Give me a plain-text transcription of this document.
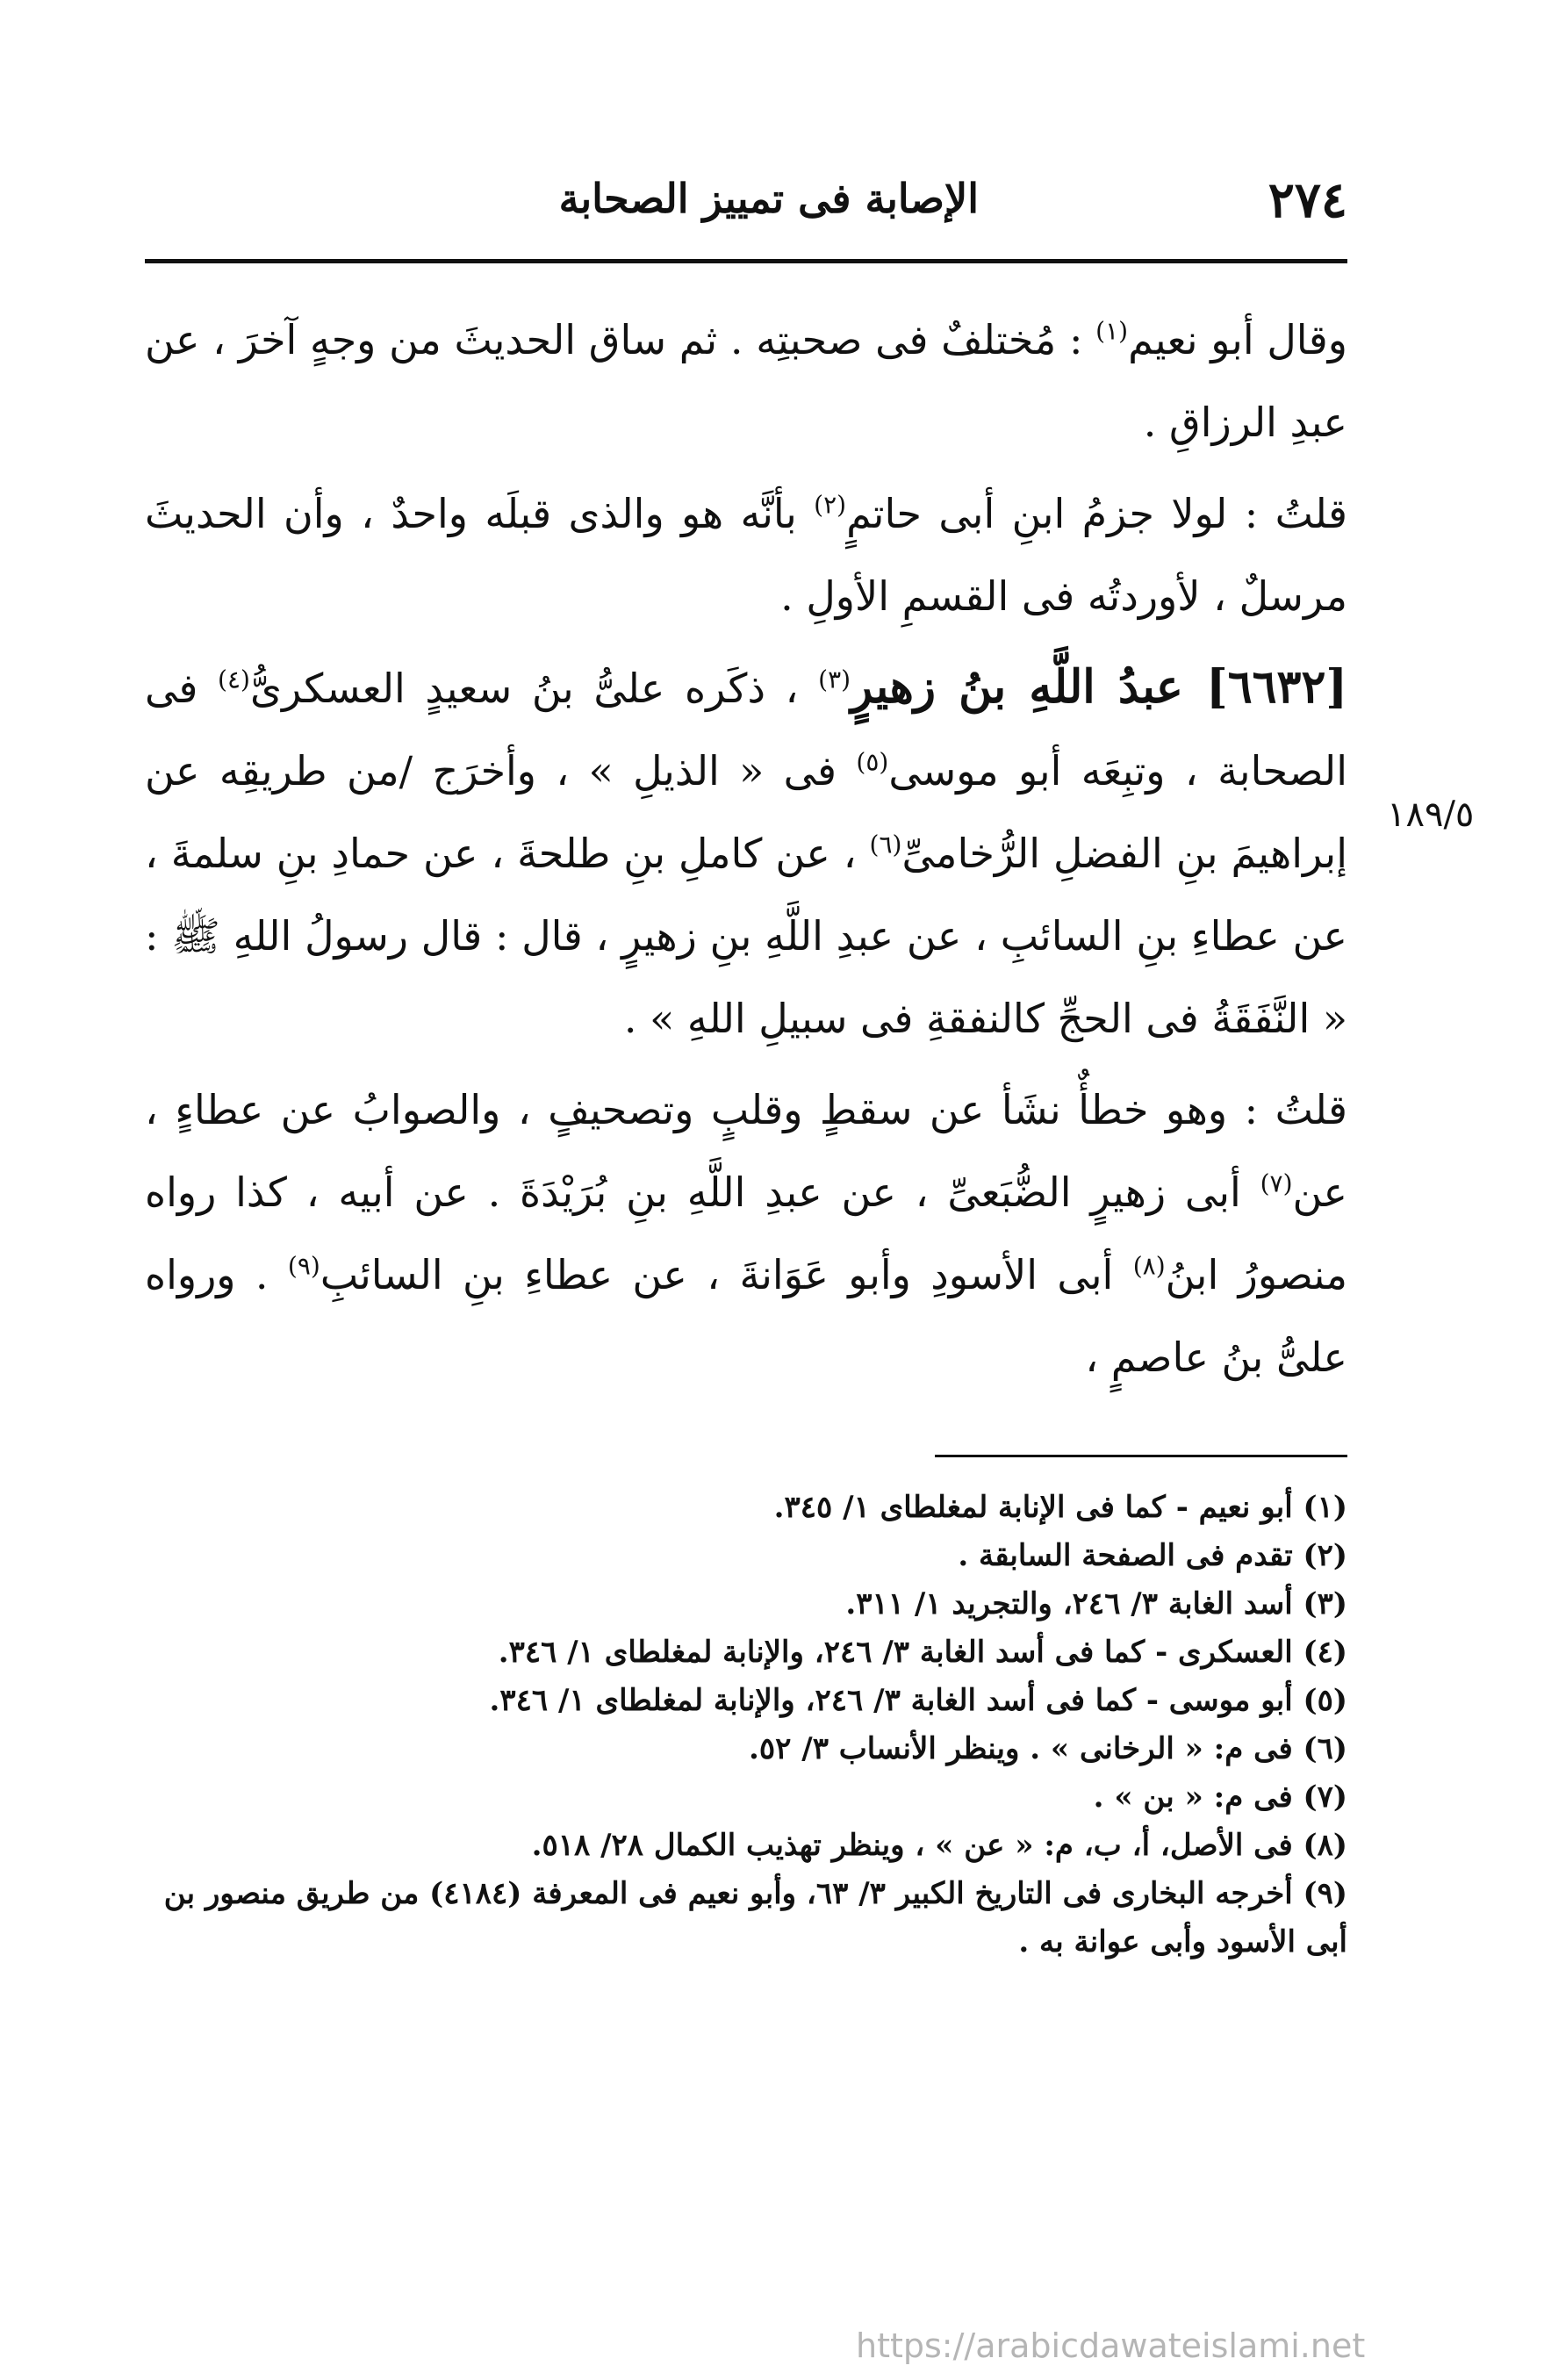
٢٧٤
الإصابة فى تمييز الصحابة
١٨٩/٥

وقال أبو نعيم$^{(١)}$ : مُختلفٌ فى صحبتِه . ثم ساق الحديثَ من وجهٍ آخرَ ، عن عبدِ الرزاقِ .

قلتُ : لولا جزمُ ابنِ أبى حاتمٍ$^{(٢)}$ بأنَّه هو والذى قبلَه واحدٌ ، وأن الحديثَ مرسلٌ ، لأوردتُه فى القسمِ الأولِ .

[٦٦٣٢] عبدُ اللَّهِ بنُ زهيرٍ$^{(٣)}$ ، ذكَره علىُّ بنُ سعيدٍ العسكرىُّ$^{(٤)}$ فى الصحابة ، وتبِعَه أبو موسى$^{(٥)}$ فى « الذيلِ » ، وأخرَج /من طريقِه عن إبراهيمَ بنِ الفضلِ الرُّخامىِّ$^{(٦)}$ ، عن كاملِ بنِ طلحةَ ، عن حمادِ بنِ سلمةَ ، عن عطاءِ بنِ السائبِ ، عن عبدِ اللَّهِ بنِ زهيرٍ ، قال : قال رسولُ اللهِ ﷺ : « النَّفَقَةُ فى الحجِّ كالنفقةِ فى سبيلِ اللهِ » .

قلتُ : وهو خطأٌ نشَأ عن سقطٍ وقلبٍ وتصحيفٍ ، والصوابُ عن عطاءٍ ، عن$^{(٧)}$ أبى زهيرٍ الضُّبَعىِّ ، عن عبدِ اللَّهِ بنِ بُرَيْدَةَ . عن أبيه ، كذا رواه منصورُ ابنُ$^{(٨)}$ أبى الأسودِ وأبو عَوَانةَ ، عن عطاءِ بنِ السائبِ$^{(٩)}$ . ورواه علىُّ بنُ عاصمٍ ،

(١) أبو نعيم - كما فى الإنابة لمغلطاى ١/ ٣٤٥.

(٢) تقدم فى الصفحة السابقة .

(٣) أسد الغابة ٣/ ٢٤٦، والتجريد ١/ ٣١١.

(٤) العسكرى - كما فى أسد الغابة ٣/ ٢٤٦، والإنابة لمغلطاى ١/ ٣٤٦.

(٥) أبو موسى - كما فى أسد الغابة ٣/ ٢٤٦، والإنابة لمغلطاى ١/ ٣٤٦.

(٦) فى م: « الرخانى » . وينظر الأنساب ٣/ ٥٢.

(٧) فى م: « بن » .

(٨) فى الأصل، أ، ب، م: « عن » ، وينظر تهذيب الكمال ٢٨/ ٥١٨.

(٩) أخرجه البخارى فى التاريخ الكبير ٣/ ٦٣، وأبو نعيم فى المعرفة (٤١٨٤) من طريق منصور بن أبى الأسود وأبى عوانة به .

https://arabicdawateislami.net
